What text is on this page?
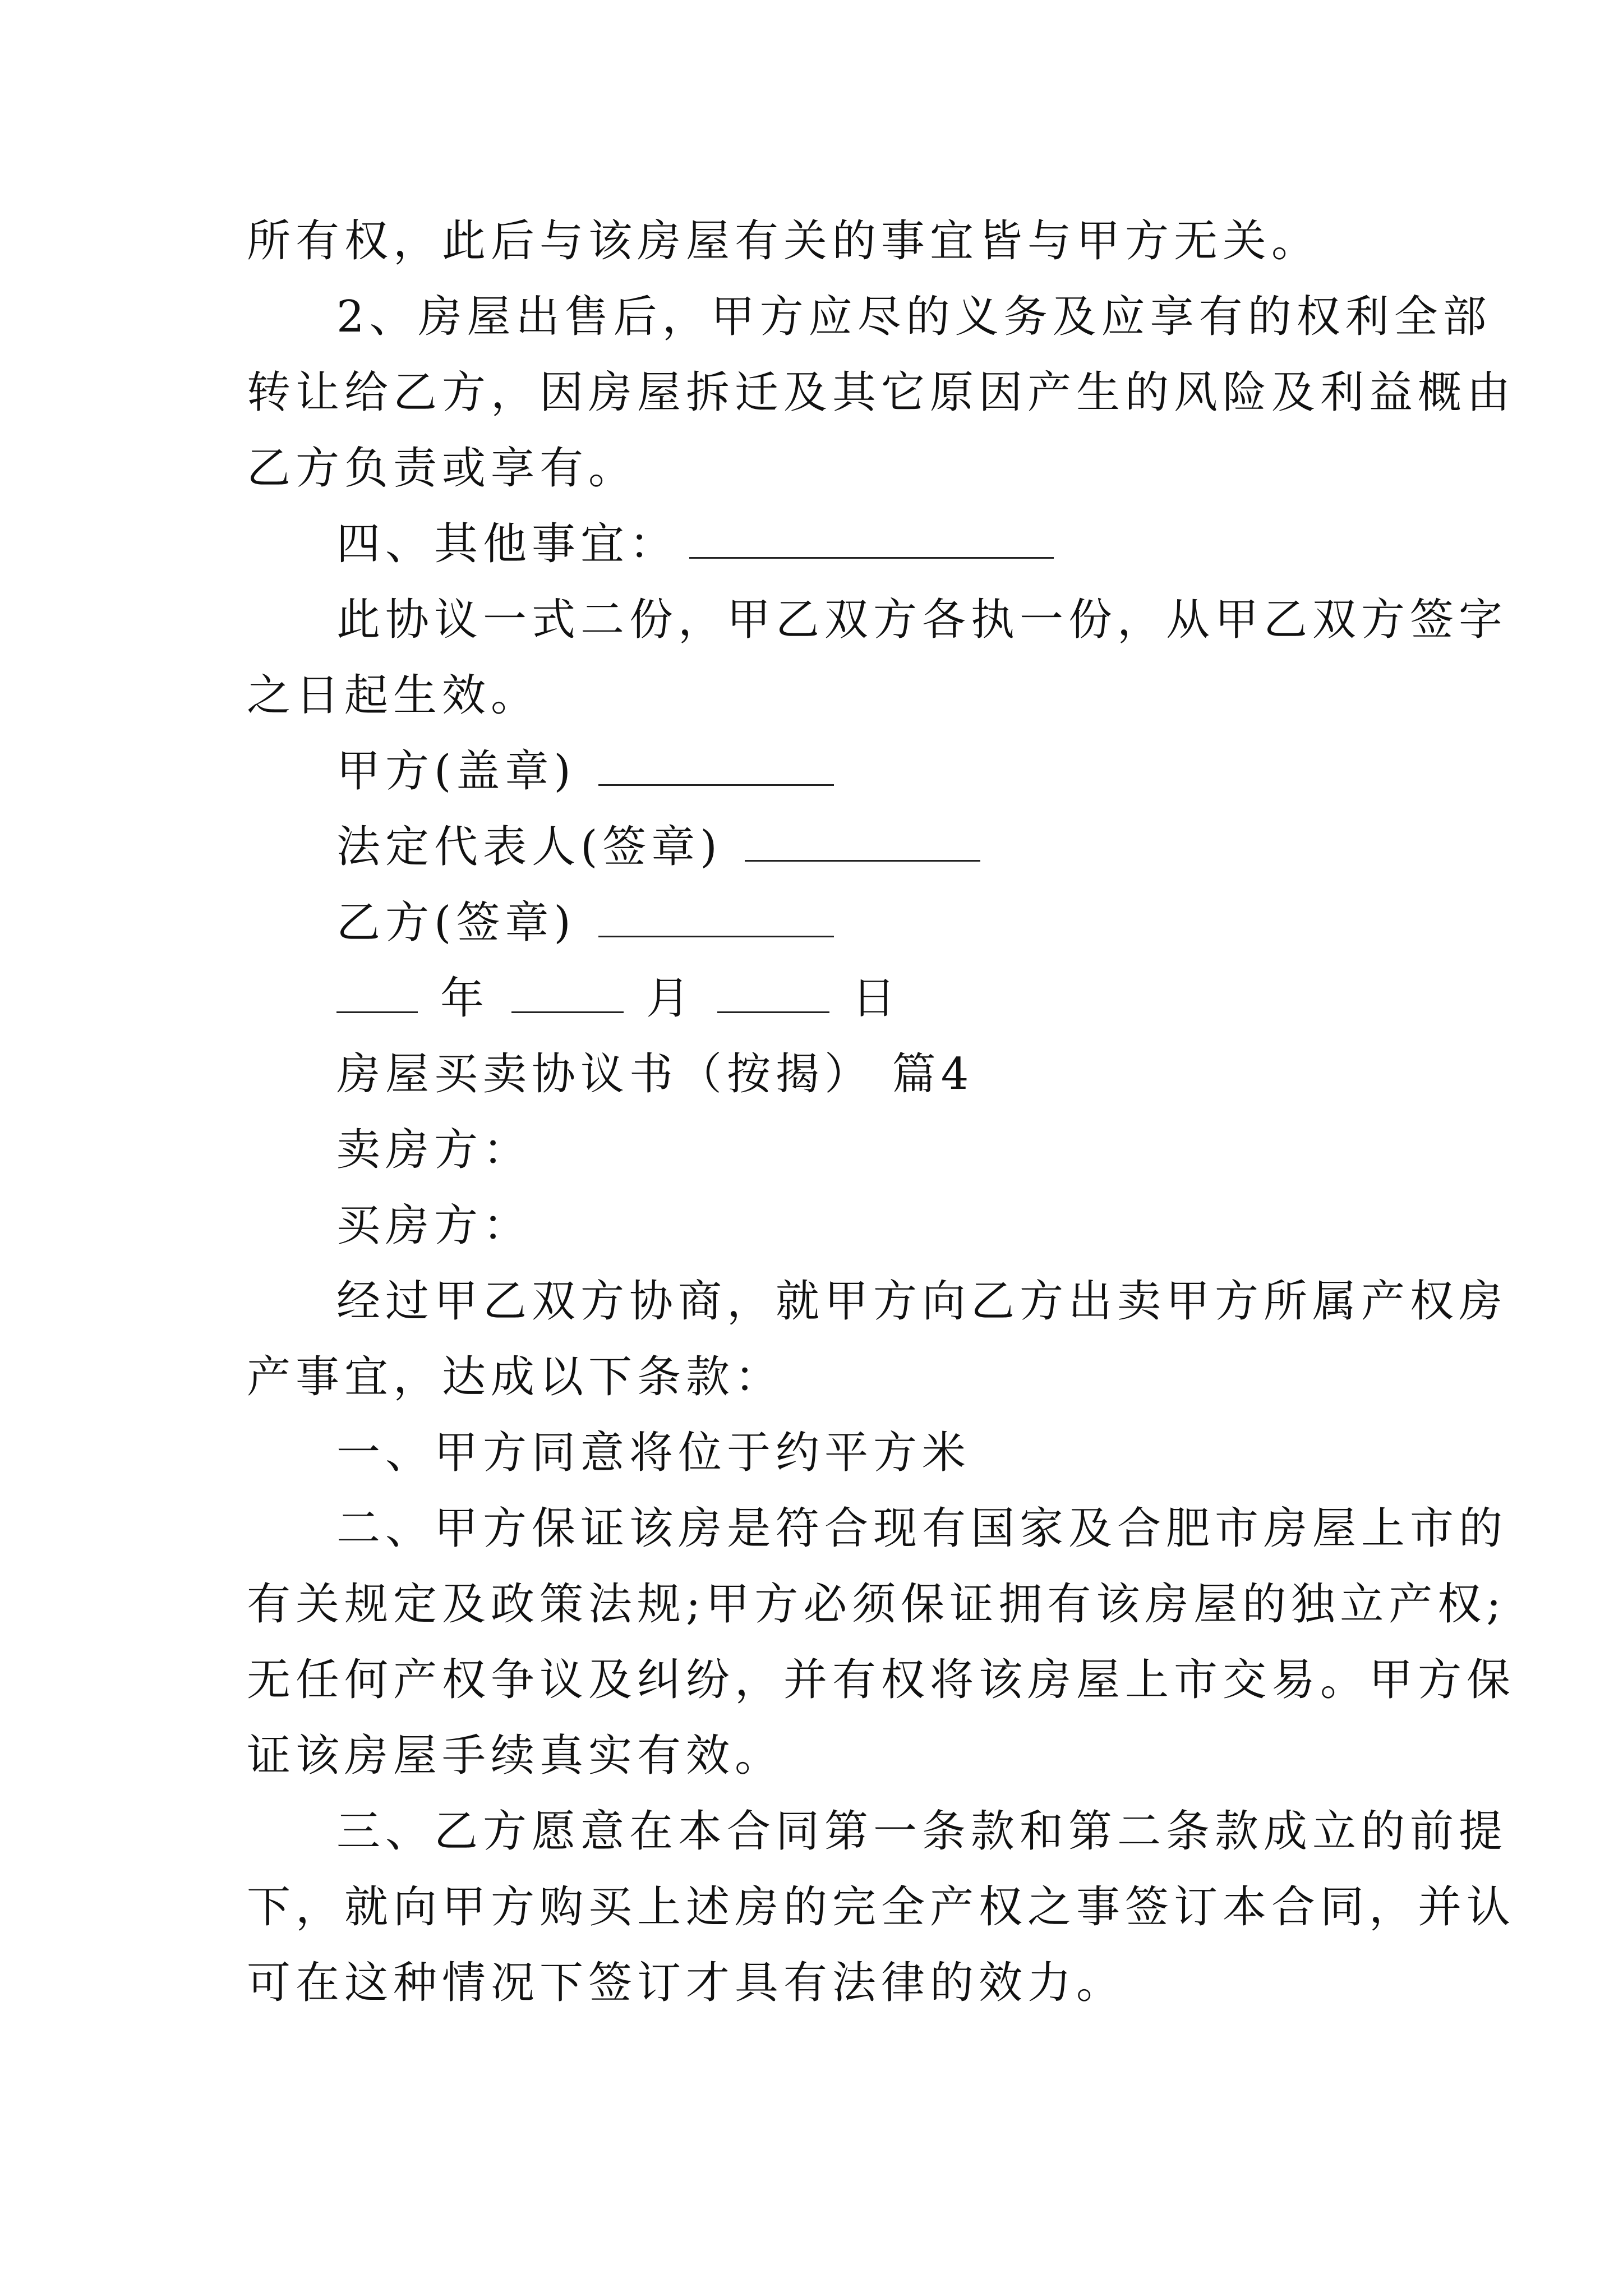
所有权，此后与该房屋有关的事宜皆与甲方无关。
2、房屋出售后，甲方应尽的义务及应享有的权利全部
转让给乙方，因房屋拆迁及其它原因产生的风险及利益概由
乙方负责或享有。
四、其他事宜：
此协议一式二份，甲乙双方各执一份，从甲乙双方签字
之日起生效。
甲方(盖章)
法定代表人(签章)
乙方(签章)
年	月	日
房屋买卖协议书（按揭） 篇4
卖房方：
买房方：
经过甲乙双方协商，就甲方向乙方出卖甲方所属产权房
产事宜，达成以下条款：
一、甲方同意将位于约平方米
二、甲方保证该房是符合现有国家及合肥市房屋上市的
有关规定及政策法规;甲方必须保证拥有该房屋的独立产权;
无任何产权争议及纠纷，并有权将该房屋上市交易。甲方保
证该房屋手续真实有效。
三、乙方愿意在本合同第一条款和第二条款成立的前提
下，就向甲方购买上述房的完全产权之事签订本合同，并认
可在这种情况下签订才具有法律的效力。
